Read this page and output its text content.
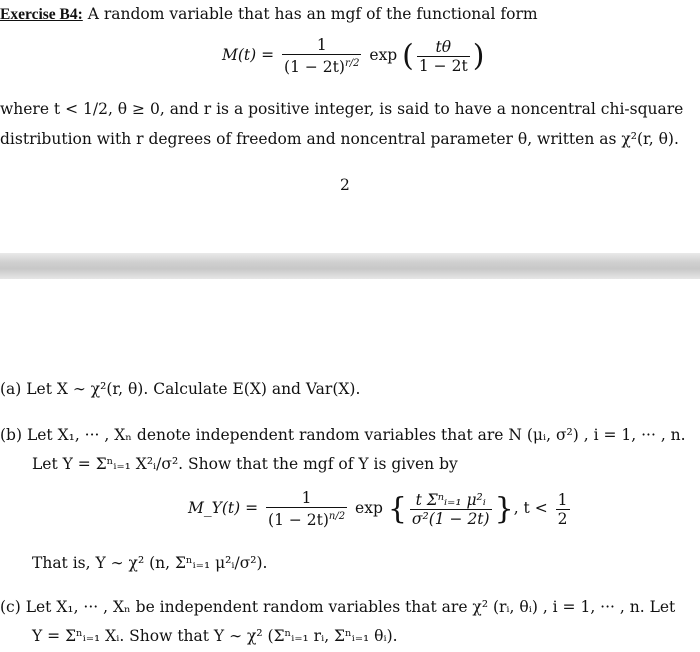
Exercise B4: A random variable that has an mgf of the functional form
$M(t) = \frac{1}{(1 - 2t)^{r/2}}$ exp ( $\frac{t\theta}{1 - 2t}$ )
where t < 1/2, θ ≥ 0, and r is a positive integer, is said to have a noncentral chi-square
distribution with r degrees of freedom and noncentral parameter θ, written as χ²(r, θ).
2
(a) Let X ∼ χ²(r, θ). Calculate E(X) and Var(X).
(b) Let X₁, ··· , Xₙ denote independent random variables that are N (μᵢ, σ²) , i = 1, ··· , n.
Let Y = Σⁿᵢ₌₁ X²ᵢ/σ². Show that the mgf of Y is given by
M_Y(t) = $\frac{1}{(1 - 2t)^{n/2}}$ exp { $\frac{\text{t Σⁿᵢ₌₁ μ²ᵢ}}{\text{σ²(1 − 2t)}}$ }, $t < \frac{1}{2}$
That is, Y ∼ χ² (n, Σⁿᵢ₌₁ μ²ᵢ/σ²).
(c) Let X₁, ··· , Xₙ be independent random variables that are χ² (rᵢ, θᵢ) , i = 1, ··· , n. Let
Y = Σⁿᵢ₌₁ Xᵢ. Show that Y ∼ χ² (Σⁿᵢ₌₁ rᵢ, Σⁿᵢ₌₁ θᵢ).
